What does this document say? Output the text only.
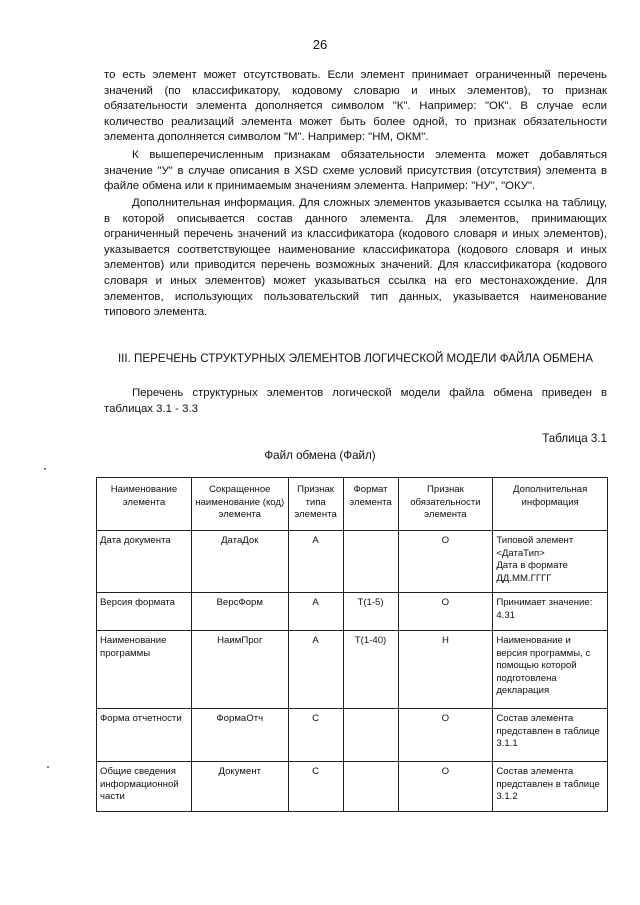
26

то есть элемент может отсутствовать. Если элемент принимает ограниченный перечень значений (по классификатору, кодовому словарю и иных элементов), то признак обязательности элемента дополняется символом "К". Например: "ОК". В случае если количество реализаций элемента может быть более одной, то признак обязательности элемента дополняется символом "М". Например: "НМ, ОКМ".

К вышеперечисленным признакам обязательности элемента может добавляться значение "У" в случае описания в XSD схеме условий присутствия (отсутствия) элемента в файле обмена или к принимаемым значениям элемента. Например: "НУ", "ОКУ".

Дополнительная информация. Для сложных элементов указывается ссылка на таблицу, в которой описывается состав данного элемента. Для элементов, принимающих ограниченный перечень значений из классификатора (кодового словаря и иных элементов), указывается соответствующее наименование классификатора (кодового словаря и иных элементов) или приводится перечень возможных значений. Для классификатора (кодового словаря и иных элементов) может указываться ссылка на его местонахождение. Для элементов, использующих пользовательский тип данных, указывается наименование типового элемента.

III. ПЕРЕЧЕНЬ СТРУКТУРНЫХ ЭЛЕМЕНТОВ ЛОГИЧЕСКОЙ МОДЕЛИ ФАЙЛА ОБМЕНА

Перечень структурных элементов логической модели файла обмена приведен в таблицах 3.1 - 3.3

Таблица 3.1
Файл обмена (Файл)
Наименование элемента	Сокращенное наименование (код) элемента	Признак типа элемента	Формат элемента	Признак обязательности элемента	Дополнительная информация
Дата документа	ДатаДок	А		О	Типовой элемент <ДатаТип>
Дата в формате ДД.ММ.ГГГГ
Версия формата	ВерсФорм	А	Т(1-5)	О	Принимает значение: 4.31
Наименование программы	НаимПрог	А	Т(1-40)	Н	Наименование и версия программы, с помощью которой подготовлена декларация
Форма отчетности	ФормаОтч	С		О	Состав элемента представлен в таблице 3.1.1
Общие сведения информационной части	Документ	С		О	Состав элемента представлен в таблице 3.1.2
